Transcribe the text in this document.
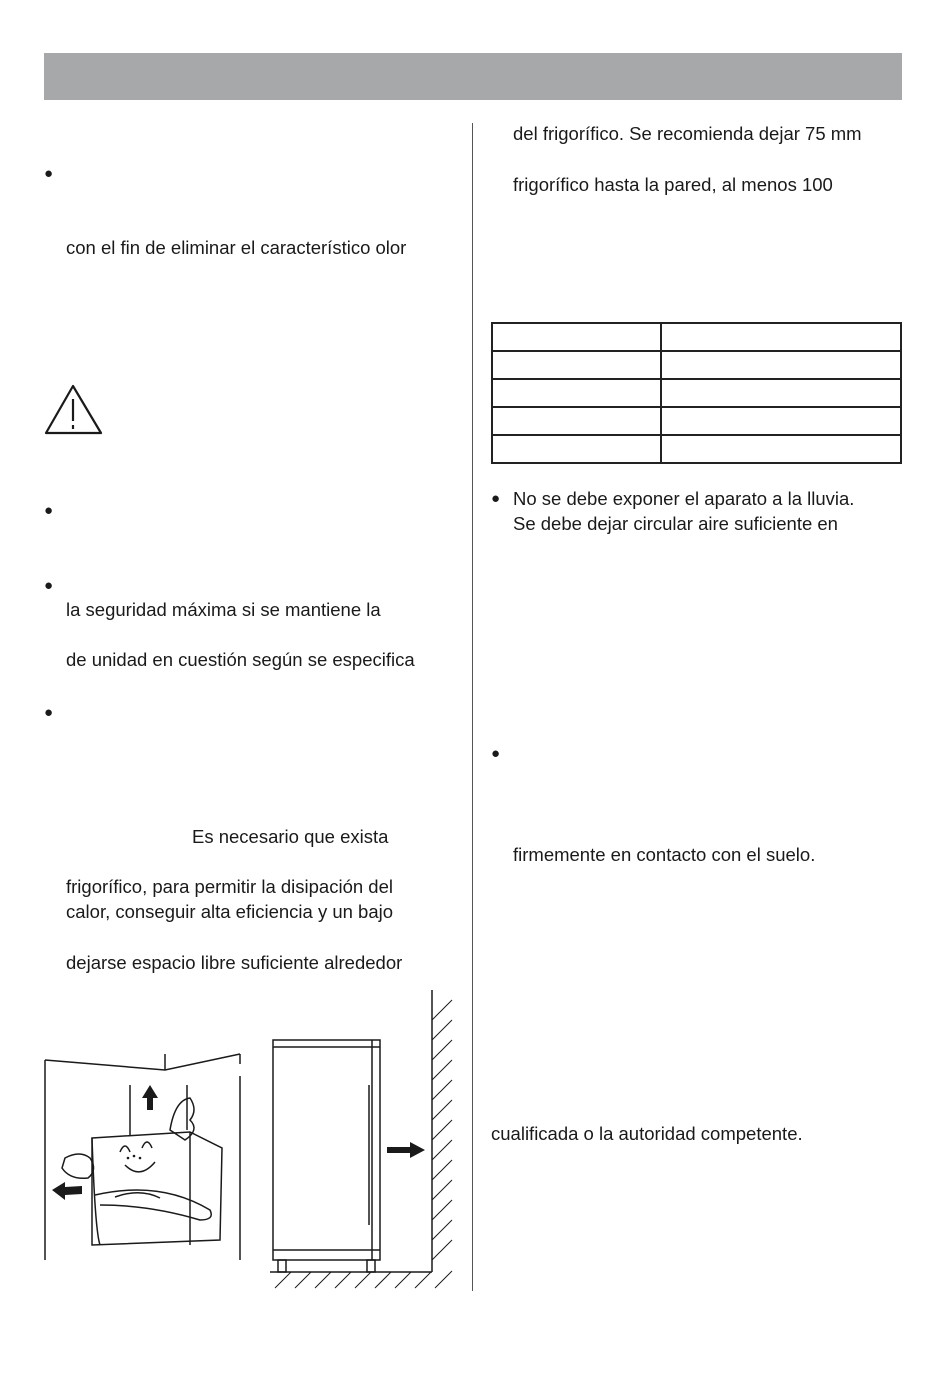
●
con el fin de eliminar el característico olor
●
●
la seguridad máxima si se mantiene la
de unidad en cuestión según se especifica
●
Es necesario que exista
frigorífico, para permitir la disipación del
calor, conseguir alta eficiencia y un bajo
dejarse espacio libre suficiente alrededor
del frigorífico. Se recomienda dejar 75 mm
frigorífico hasta la pared, al menos 100

● No se debe exponer el aparato a la lluvia.
Se debe dejar circular aire suficiente en
●
firmemente en contacto con el suelo.
cualificada o la autoridad competente.
